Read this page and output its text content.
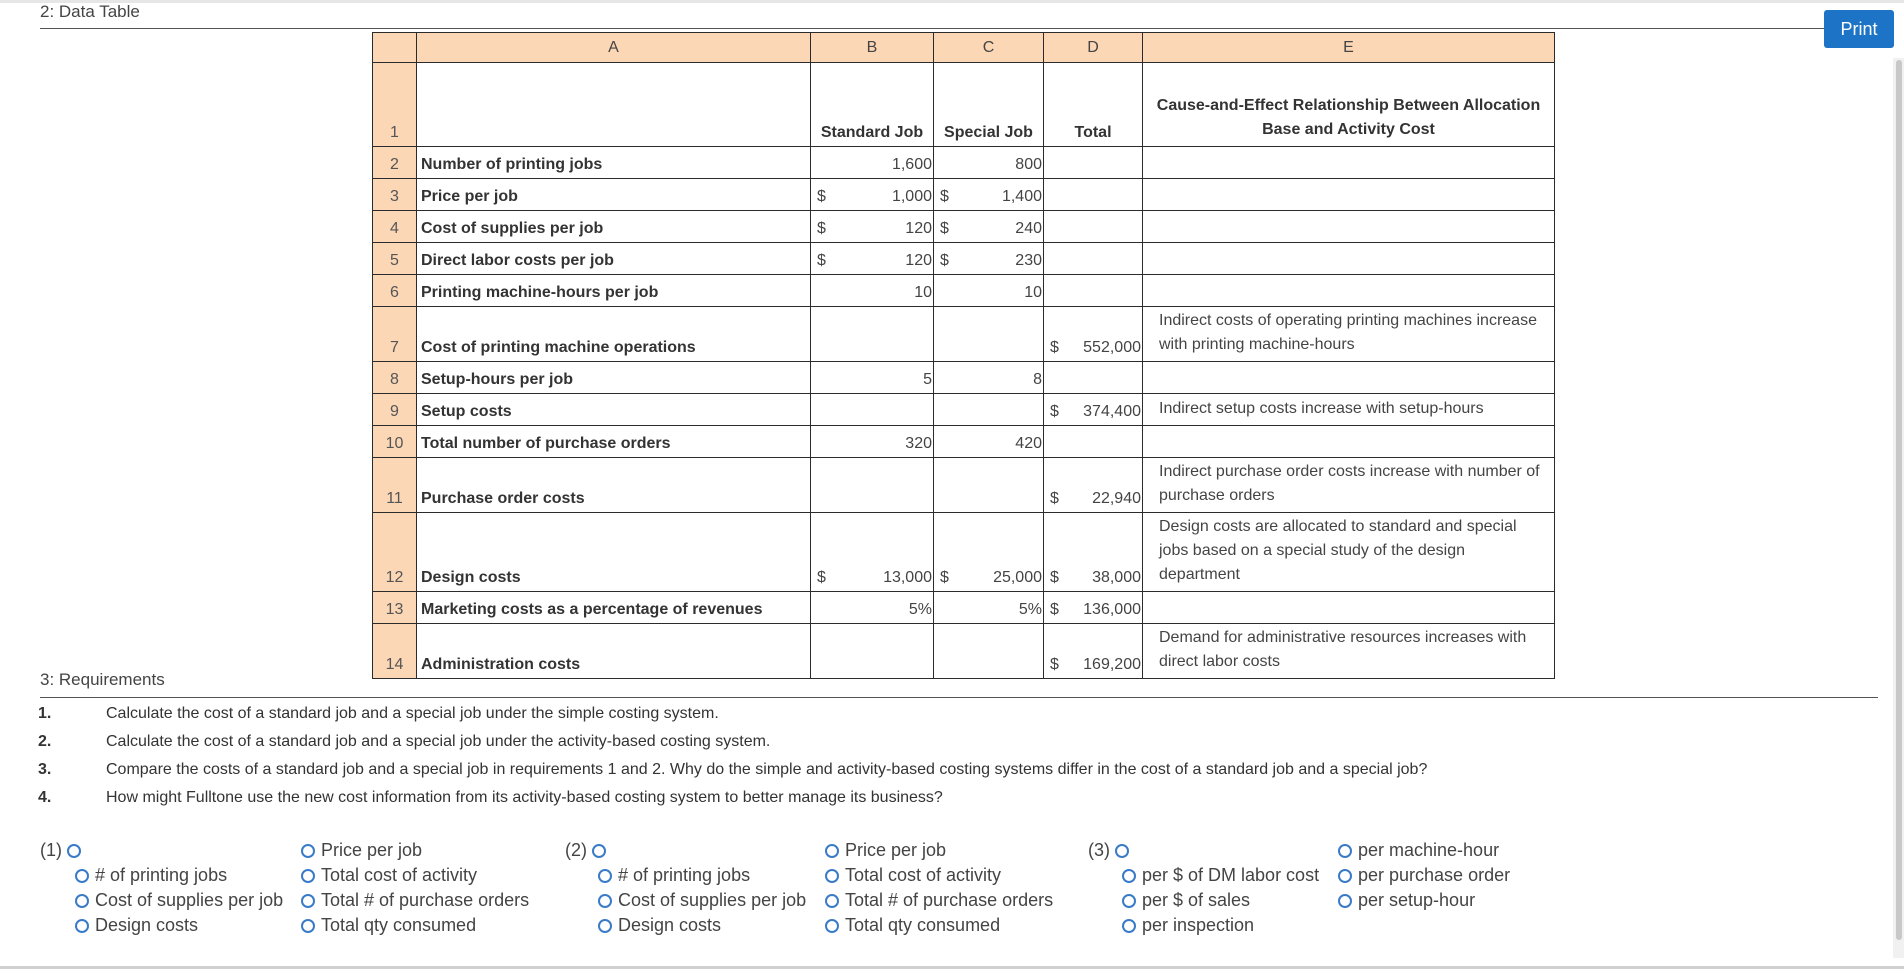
2: Data Table
Print
	A	B	C	D	E
1		Standard Job	Special Job	Total	Cause-and-Effect Relationship Between Allocation
Base and Activity Cost
2	Number of printing jobs	1,600	800		

3	Price per job	$ 1,000	$ 1,400		

4	Cost of supplies per job	$ 120	$ 240		

5	Direct labor costs per job	$ 120	$ 230		

6	Printing machine-hours per job	10	10		

7	Cost of printing machine operations			$ 552,000	Indirect costs of operating printing machines increase with printing machine-hours
8	Setup-hours per job	5	8		

9	Setup costs			$ 374,400	Indirect setup costs increase with setup-hours
10	Total number of purchase orders	320	420		

11	Purchase order costs			$ 22,940	Indirect purchase order costs increase with number of purchase orders
12	Design costs	$ 13,000	$ 25,000	$ 38,000	Design costs are allocated to standard and special jobs based on a special study of the design department
13	Marketing costs as a percentage of revenues	5%	5%	$ 136,000	

14	Administration costs			$ 169,200	Demand for administrative resources increases with direct labor costs
3: Requirements
1.	Calculate the cost of a standard job and a special job under the simple costing system.
2.	Calculate the cost of a standard job and a special job under the activity-based costing system.
3.	Compare the costs of a standard job and a special job in requirements 1 and 2. Why do the simple and activity-based costing systems differ in the cost of a standard job and a special job?
4.	How might Fulltone use the new cost information from its activity-based costing system to better manage its business?
(1)
# of printing jobs
Cost of supplies per job
Design costs
Price per job
Total cost of activity
Total # of purchase orders
Total qty consumed
(2)
# of printing jobs
Cost of supplies per job
Design costs
Price per job
Total cost of activity
Total # of purchase orders
Total qty consumed
(3)
per $ of DM labor cost
per $ of sales
per inspection
per machine-hour
per purchase order
per setup-hour
